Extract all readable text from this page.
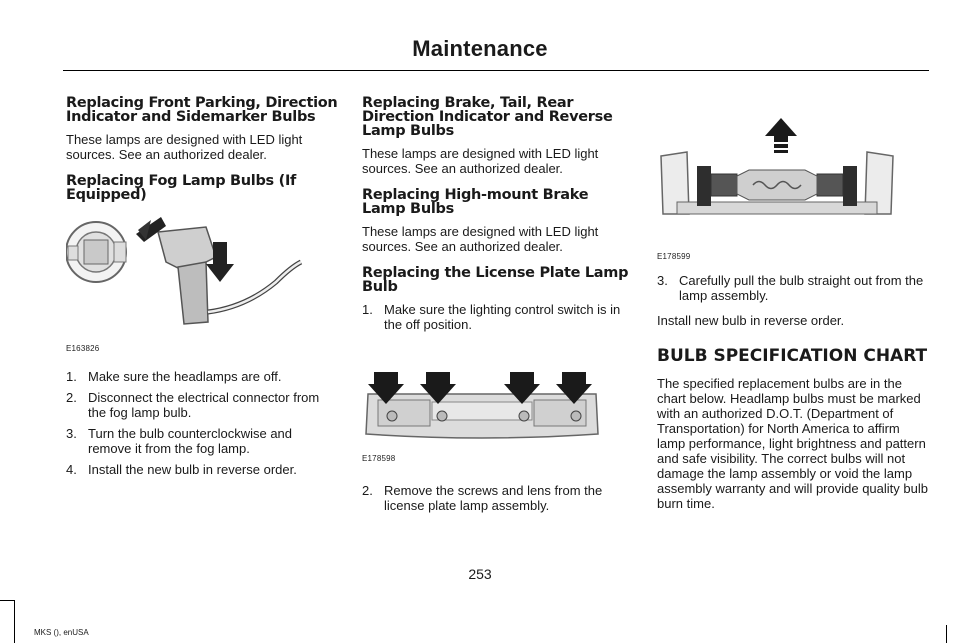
Maintenance
Replacing Front Parking, Direction Indicator and Sidemarker Bulbs

These lamps are designed with LED light sources. See an authorized dealer.

Replacing Fog Lamp Bulbs (If Equipped)
E163826
1. Make sure the headlamps are off.
2. Disconnect the electrical connector from the fog lamp bulb.
3. Turn the bulb counterclockwise and remove it from the fog lamp.
4. Install the new bulb in reverse order.
Replacing Brake, Tail, Rear Direction Indicator and Reverse Lamp Bulbs

These lamps are designed with LED light sources. See an authorized dealer.

Replacing High-mount Brake Lamp Bulbs

These lamps are designed with LED light sources. See an authorized dealer.

Replacing the License Plate Lamp Bulb
1. Make sure the lighting control switch is in the off position.
E178598
2. Remove the screws and lens from the license plate lamp assembly.
E178599
3. Carefully pull the bulb straight out from the lamp assembly.

Install new bulb in reverse order.

BULB SPECIFICATION CHART

The specified replacement bulbs are in the chart below. Headlamp bulbs must be marked with an authorized D.O.T. (Department of Transportation) for North America to affirm lamp performance, light brightness and pattern and safe visibility. The correct bulbs will not damage the lamp assembly or void the lamp assembly warranty and will provide quality bulb burn time.

253
MKS (), enUSA
